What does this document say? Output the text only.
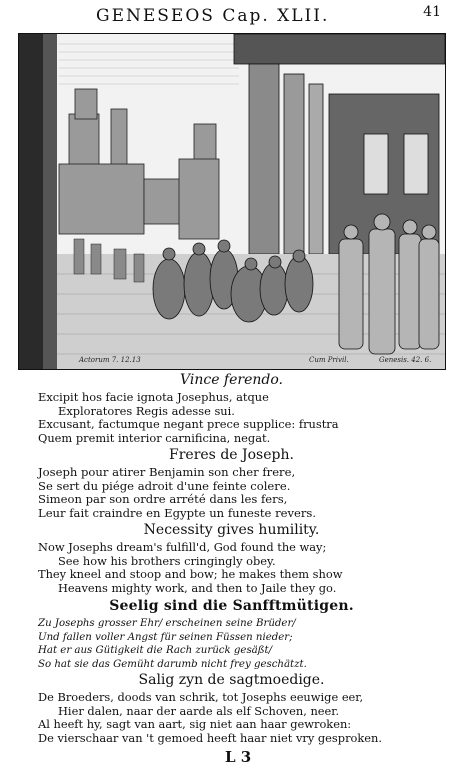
GENESEOS Cap. XLII.	41
Actorum 7. 12.13	Cum Privil.	Genesis. 42. 6.

Vince ferendo.

Excipit hos facie ignota Josephus, atque

Exploratores Regis adesse sui.

Excusant, factumque negant prece supplice: frustra

Quem premit interior carnificina, negat.

Freres de Joseph.

Joseph pour atirer Benjamin son cher frere,

Se sert du piége adroit d'une feinte colere.

Simeon par son ordre arrété dans les fers,

Leur fait craindre en Egypte un funeste revers.

Necessity gives humility.

Now Josephs dream's fulfill'd, God found the way;

See how his brothers cringingly obey.

They kneel and stoop and bow; he makes them show

Heavens mighty work, and then to Jaile they go.

Seelig sind die Sanfftmütigen.

Zu Josephs grosser Ehr/ erscheinen seine Brüder/

Und fallen voller Angst für seinen Füssen nieder;

Hat er aus Gütigkeit die Rach zurück gesäßt/

So hat sie das Gemüht darumb nicht frey geschätzt.

Salig zyn de sagtmoedige.

De Broeders, doods van schrik, tot Josephs eeuwige eer,

Hier dalen, naar der aarde als elf Schoven, neer.

Al heeft hy, sagt van aart, sig niet aan haar gewroken:

De vierschaar van 't gemoed heeft haar niet vry gesproken.

L 3
